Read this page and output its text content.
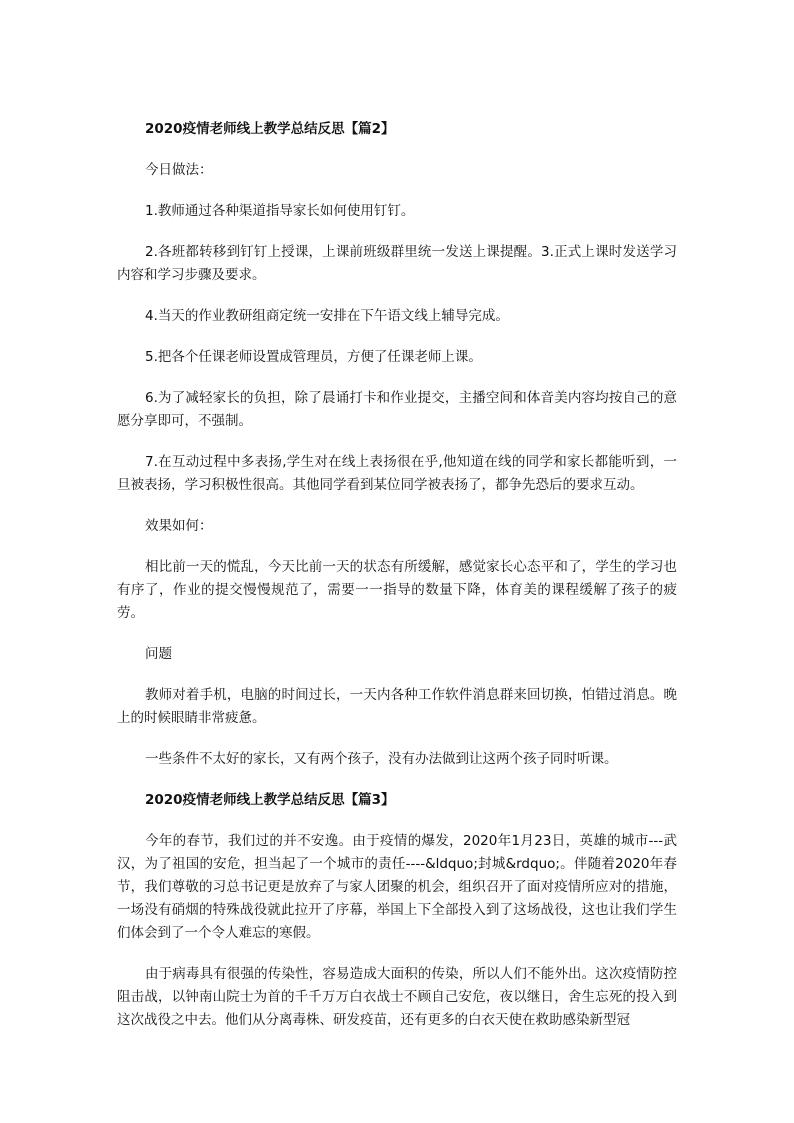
2020疫情老师线上教学总结反思【篇2】

今日做法：

1.教师通过各种渠道指导家长如何使用钉钉。

2.各班都转移到钉钉上授课，上课前班级群里统一发送上课提醒。3.正式上课时发送学习内容和学习步骤及要求。

4.当天的作业教研组商定统一安排在下午语文线上辅导完成。

5.把各个任课老师设置成管理员，方便了任课老师上课。

6.为了减轻家长的负担，除了晨诵打卡和作业提交，主播空间和体音美内容均按自己的意愿分享即可，不强制。

7.在互动过程中多表扬,学生对在线上表扬很在乎,他知道在线的同学和家长都能听到，一旦被表扬，学习积极性很高。其他同学看到某位同学被表扬了，都争先恐后的要求互动。

效果如何：

相比前一天的慌乱，今天比前一天的状态有所缓解，感觉家长心态平和了，学生的学习也有序了，作业的提交慢慢规范了，需要一一指导的数量下降，体育美的课程缓解了孩子的疲劳。

问题

教师对着手机，电脑的时间过长，一天内各种工作软件消息群来回切换，怕错过消息。晚上的时候眼睛非常疲惫。

一些条件不太好的家长，又有两个孩子，没有办法做到让这两个孩子同时听课。

2020疫情老师线上教学总结反思【篇3】

今年的春节，我们过的并不安逸。由于疫情的爆发，2020年1月23日，英雄的城市---武汉，为了祖国的安危，担当起了一个城市的责任----&ldquo;封城&rdquo;。伴随着2020年春节，我们尊敬的习总书记更是放弃了与家人团聚的机会，组织召开了面对疫情所应对的措施，一场没有硝烟的特殊战役就此拉开了序幕，举国上下全部投入到了这场战役，这也让我们学生们体会到了一个令人难忘的寒假。

由于病毒具有很强的传染性，容易造成大面积的传染，所以人们不能外出。这次疫情防控阻击战，以钟南山院士为首的千千万万白衣战士不顾自己安危，夜以继日，舍生忘死的投入到这次战役之中去。他们从分离毒株、研发疫苗，还有更多的白衣天使在救助感染新型冠
